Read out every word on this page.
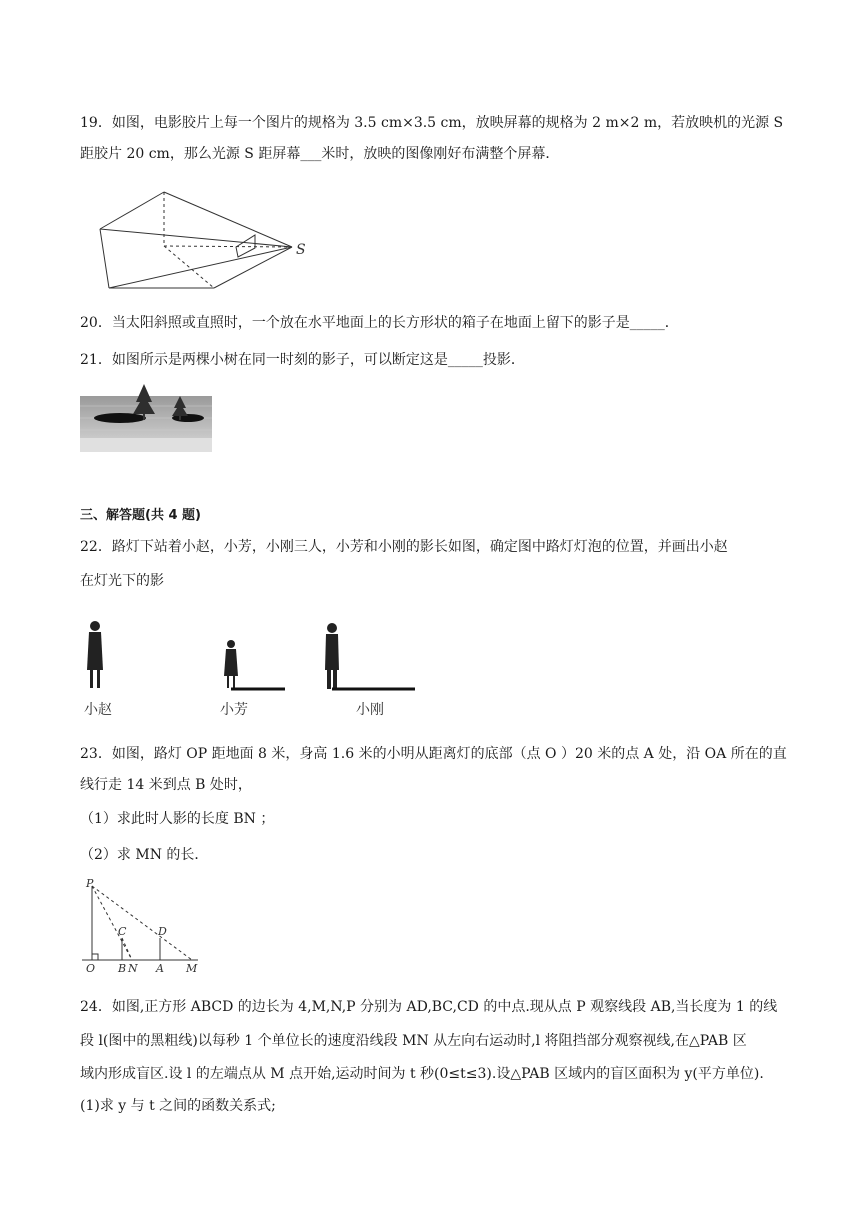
19．如图，电影胶片上每一个图片的规格为 3.5 cm×3.5 cm，放映屏幕的规格为 2 m×2 m，若放映机的光源 S
距胶片 20 cm，那么光源 S 距屏幕___米时，放映的图像刚好布满整个屏幕．
S
20．当太阳斜照或直照时，一个放在水平地面上的长方形状的箱子在地面上留下的影子是_____．
21．如图所示是两棵小树在同一时刻的影子，可以断定这是_____投影．
三、解答题(共 4 题)
22．路灯下站着小赵，小芳，小刚三人，小芳和小刚的影长如图，确定图中路灯灯泡的位置，并画出小赵
在灯光下的影
小赵	小芳	小刚
23．如图，路灯 OP 距地面 8 米，身高 1.6 米的小明从距离灯的底部（点 O ）20 米的点 A 处，沿 OA 所在的直
线行走 14 米到点 B 处时，
（1）求此时人影的长度 BN ；
（2）求 MN 的长．
P
C	D
O B N A M
24．如图,正方形 ABCD 的边长为 4,M,N,P 分别为 AD,BC,CD 的中点.现从点 P 观察线段 AB,当长度为 1 的线
段 l(图中的黑粗线)以每秒 1 个单位长的速度沿线段 MN 从左向右运动时,l 将阻挡部分观察视线,在△PAB 区
域内形成盲区.设 l 的左端点从 M 点开始,运动时间为 t 秒(0≤t≤3).设△PAB 区域内的盲区面积为 y(平方单位).
(1)求 y 与 t 之间的函数关系式;
